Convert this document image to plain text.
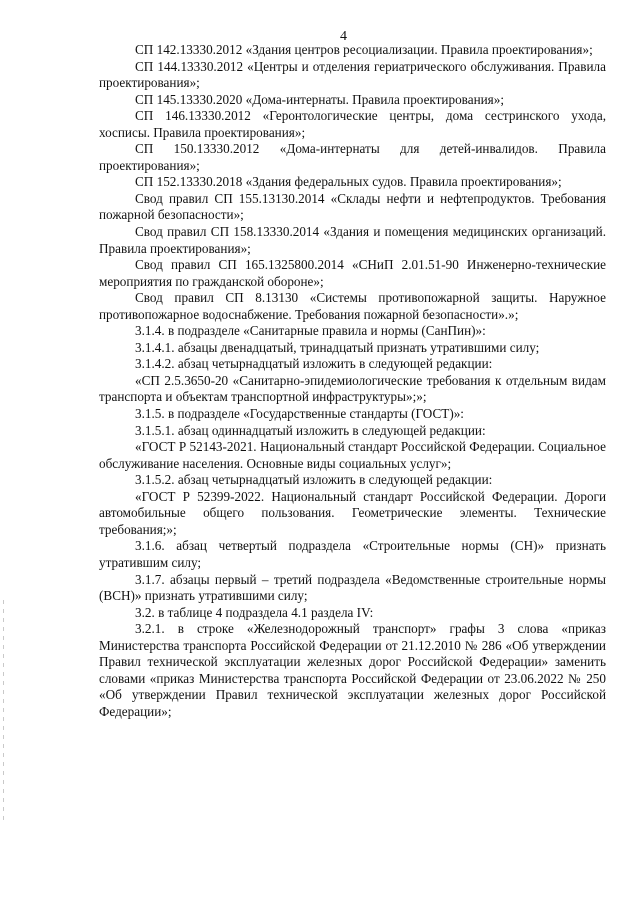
4

СП 142.13330.2012 «Здания центров ресоциализации. Правила проектирования»;

СП 144.13330.2012 «Центры и отделения гериатрического обслуживания. Правила проектирования»;

СП 145.13330.2020 «Дома-интернаты. Правила проектирования»;

СП 146.13330.2012 «Геронтологические центры, дома сестринского ухода, хосписы. Правила проектирования»;

СП 150.13330.2012 «Дома-интернаты для детей-инвалидов. Правила проектирования»;

СП 152.13330.2018 «Здания федеральных судов. Правила проектирования»;

Свод правил СП 155.13130.2014 «Склады нефти и нефтепродуктов. Требования пожарной безопасности»;

Свод правил СП 158.13330.2014 «Здания и помещения медицинских организаций. Правила проектирования»;

Свод правил СП 165.1325800.2014 «СНиП 2.01.51-90 Инженерно-технические мероприятия по гражданской обороне»;

Свод правил СП 8.13130 «Системы противопожарной защиты. Наружное противопожарное водоснабжение. Требования пожарной безопасности».»;

3.1.4. в подразделе «Санитарные правила и нормы (СанПин)»:

3.1.4.1. абзацы двенадцатый, тринадцатый признать утратившими силу;

3.1.4.2. абзац четырнадцатый изложить в следующей редакции:

«СП 2.5.3650-20 «Санитарно-эпидемиологические требования к отдельным видам транспорта и объектам транспортной инфраструктуры»;»;

3.1.5. в подразделе «Государственные стандарты (ГОСТ)»:

3.1.5.1. абзац одиннадцатый изложить в следующей редакции:

«ГОСТ Р 52143-2021. Национальный стандарт Российской Федерации. Социальное обслуживание населения. Основные виды социальных услуг»;

3.1.5.2. абзац четырнадцатый изложить в следующей редакции:

«ГОСТ Р 52399-2022. Национальный стандарт Российской Федерации. Дороги автомобильные общего пользования. Геометрические элементы. Технические требования;»;

3.1.6. абзац четвертый подраздела «Строительные нормы (СН)» признать утратившим силу;

3.1.7. абзацы первый – третий подраздела «Ведомственные строительные нормы (ВСН)» признать утратившими силу;

3.2. в таблице 4 подраздела 4.1 раздела IV:

3.2.1. в строке «Железнодорожный транспорт» графы 3 слова «приказ Министерства транспорта Российской Федерации от 21.12.2010 № 286 «Об утверждении Правил технической эксплуатации железных дорог Российской Федерации» заменить словами «приказ Министерства транспорта Российской Федерации от 23.06.2022 № 250 «Об утверждении Правил технической эксплуатации железных дорог Российской Федерации»;
